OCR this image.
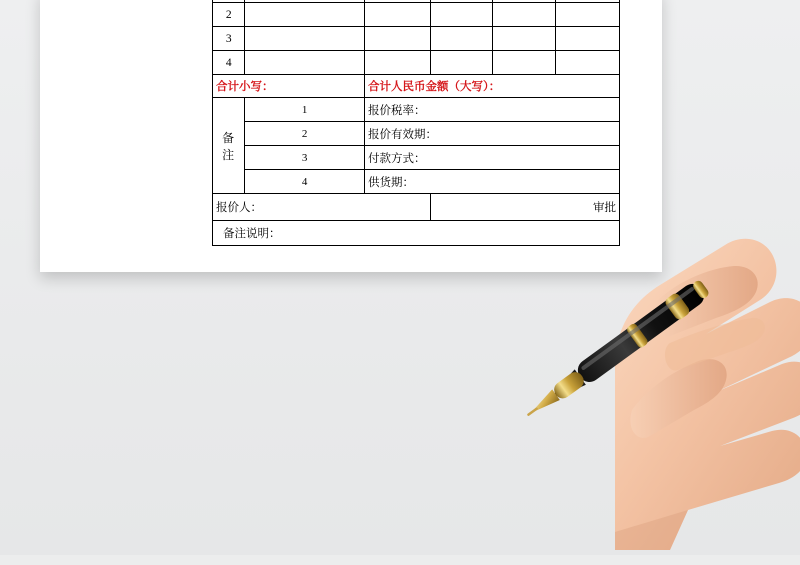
2					
3					
4					
合计小写：		合计人民币金额（大写）：			
备注	1	报价税率：			
	2	报价有效期：			
	3	付款方式：			
	4	供货期：			
报价人：			审批		
备注说明：					
